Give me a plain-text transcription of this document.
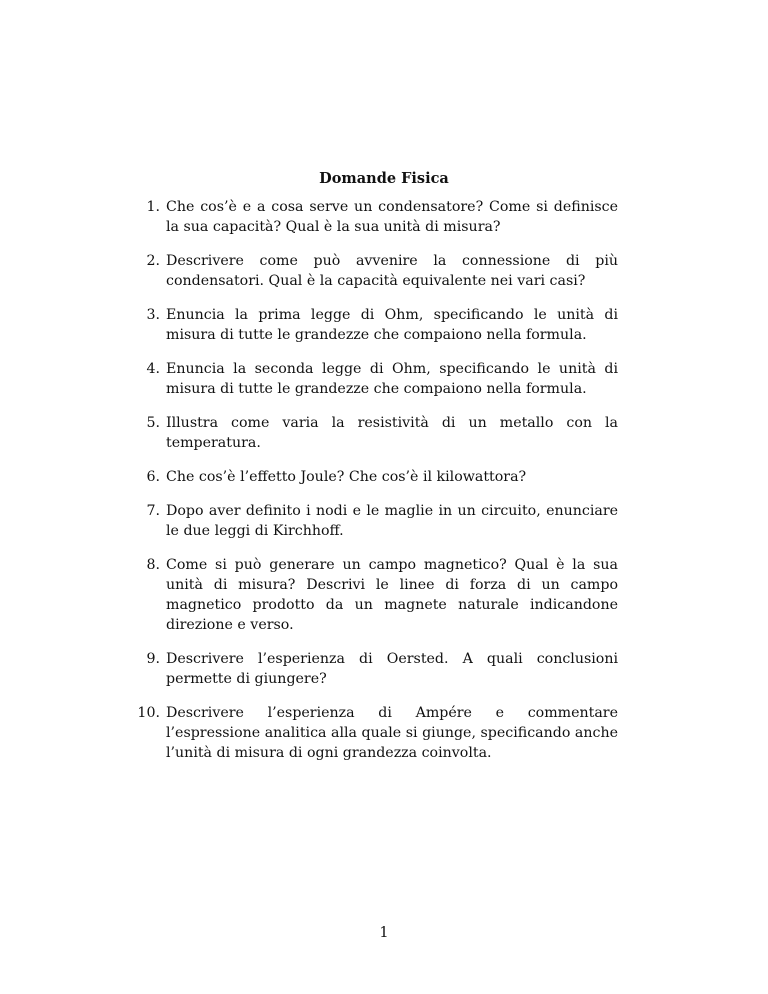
Domande Fisica
1. Che cos’è e a cosa serve un condensatore? Come si definisce la sua capacità? Qual è la sua unità di misura?
2. Descrivere come può avvenire la connessione di più condensatori. Qual è la capacità equivalente nei vari casi?
3. Enuncia la prima legge di Ohm, specificando le unità di misura di tutte le grandezze che compaiono nella formula.
4. Enuncia la seconda legge di Ohm, specificando le unità di misura di tutte le grandezze che compaiono nella formula.
5. Illustra come varia la resistività di un metallo con la temperatura.
6. Che cos’è l’effetto Joule? Che cos’è il kilowattora?
7. Dopo aver definito i nodi e le maglie in un circuito, enunciare le due leggi di Kirchhoff.
8. Come si può generare un campo magnetico? Qual è la sua unità di misura? Descrivi le linee di forza di un campo magnetico prodotto da un magnete naturale indicandone direzione e verso.
9. Descrivere l’esperienza di Oersted. A quali conclusioni permette di giungere?
10. Descrivere l’esperienza di Ampére e commentare l’espressione analitica alla quale si giunge, specificando anche l’unità di misura di ogni grandezza coinvolta.
1
